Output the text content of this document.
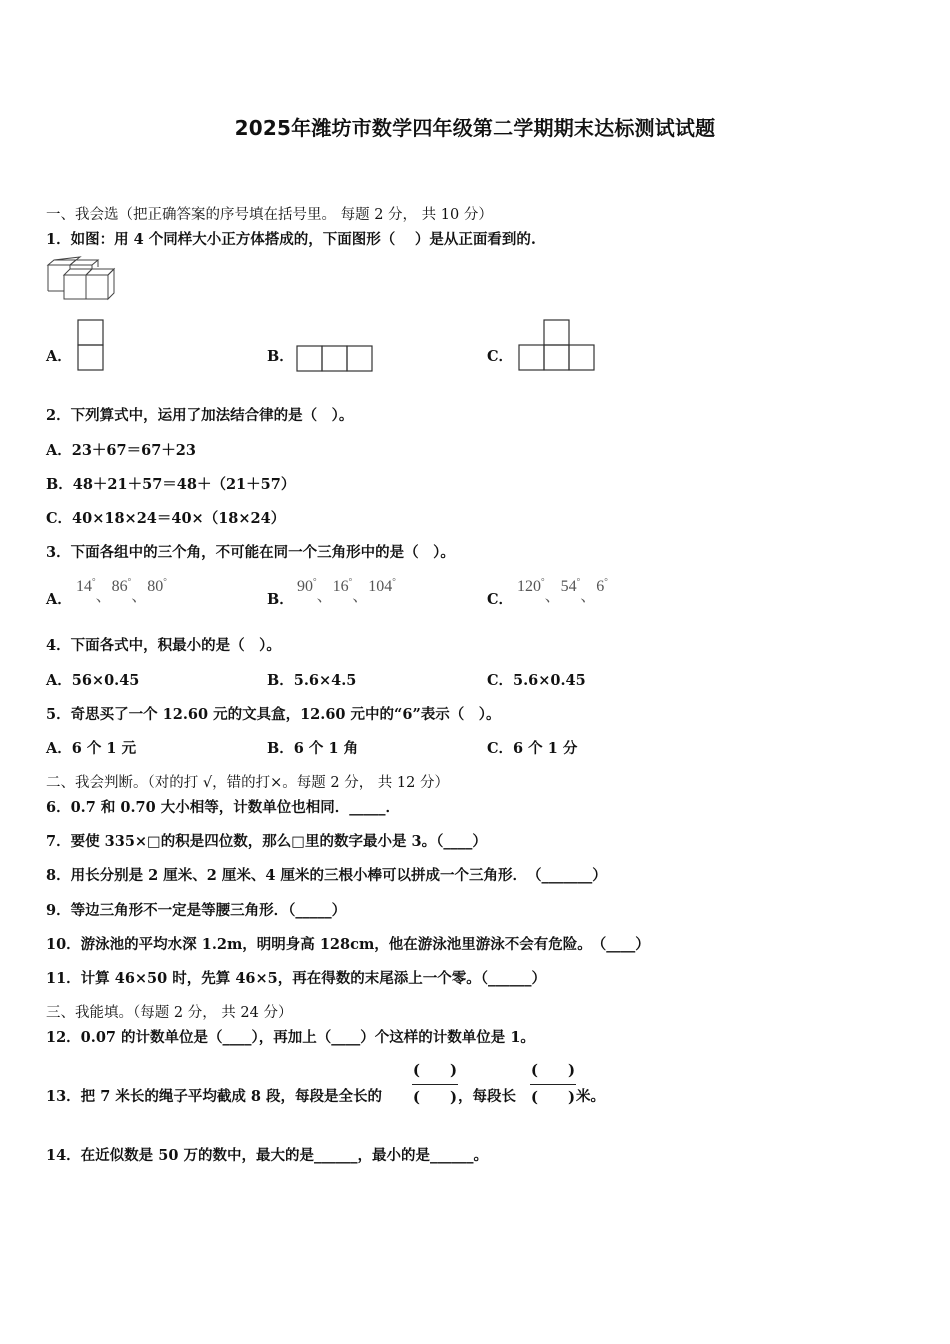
2025年潍坊市数学四年级第二学期期末达标测试试题
一、我会选（把正确答案的序号填在括号里。 每题 2 分， 共 10 分）
1．如图：用 4 个同样大小正方体搭成的，下面图形（　 ）是从正面看到的.
A．	B．	C．
2．下列算式中，运用了加法结合律的是（　）。
A．23＋67＝67＋23
B．48＋21＋57＝48＋（21＋57）
C．40×18×24＝40×（18×24）
3．下面各组中的三个角，不可能在同一个三角形中的是（　）。
A．
14°、86°、80°
B．
90°、16°、104°
C．
120°、54°、6°
4．下面各式中，积最小的是（　）。
A．56×0.45	B．5.6×4.5	C．5.6×0.45
5．奇思买了一个 12.60 元的文具盒，12.60 元中的“6”表示（　）。
A．6 个 1 元	B．6 个 1 角	C．6 个 1 分
二、我会判断。（对的打 √，错的打×。每题 2 分， 共 12 分）
6．0.7 和 0.70 大小相等，计数单位也相同．_____．
7．要使 335×□的积是四位数，那么□里的数字最小是 3。（____）
8．用长分别是 2 厘米、2 厘米、4 厘米的三根小棒可以拼成一个三角形．　（_______）
9．等边三角形不一定是等腰三角形．（_____）
10．游泳池的平均水深 1.2m，明明身高 128cm，他在游泳池里游泳不会有危险。　（____）
11．计算 46×50 时，先算 46×5，再在得数的末尾添上一个零。（______）
三、我能填。（每题 2 分， 共 24 分）
12．0.07 的计数单位是（____），再加上（____）个这样的计数单位是 1。
13．把 7 米长的绳子平均截成 8 段，每段是全长的
(　　)
(　　) ，每段长
(　　)
(　　) 米。
14．在近似数是 50 万的数中，最大的是______，最小的是______。
